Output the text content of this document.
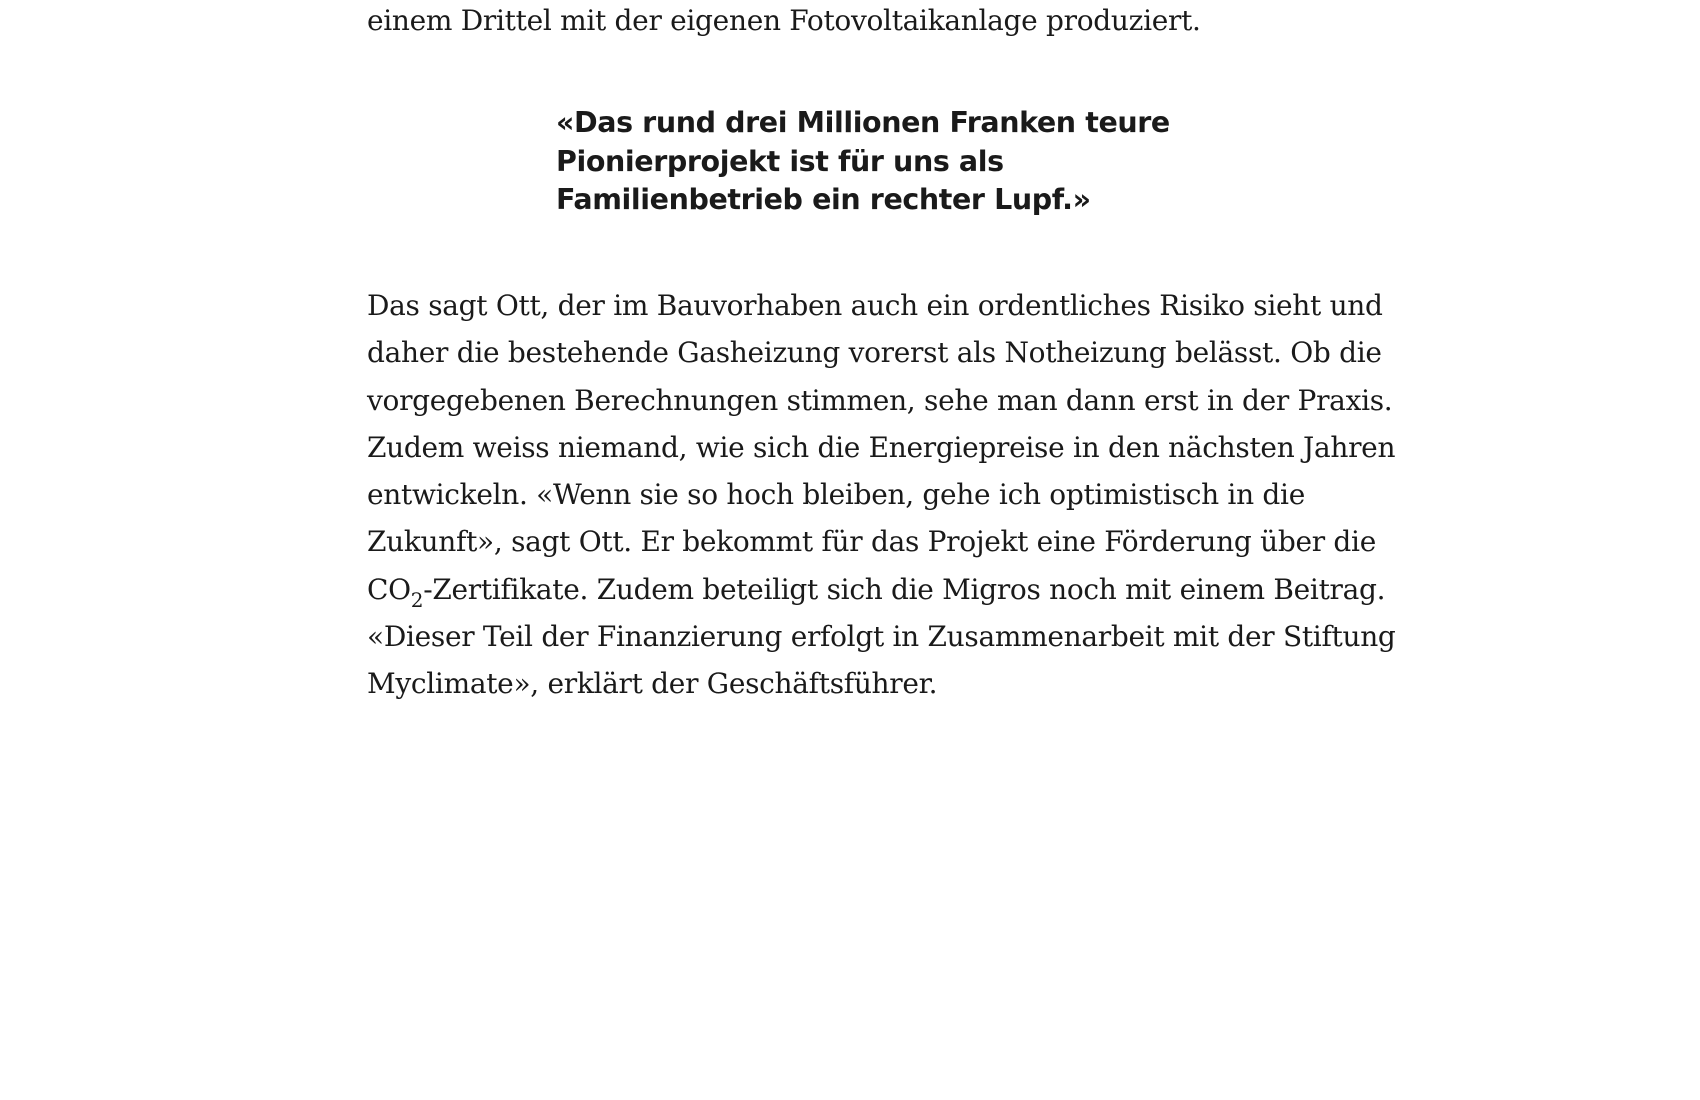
einem Drittel mit der eigenen Fotovoltaikanlage produziert.

«Das rund drei Millionen Franken teure
Pionierprojekt ist für uns als
Familienbetrieb ein rechter Lupf.»

Das sagt Ott, der im Bauvorhaben auch ein ordentliches Risiko sieht und
daher die bestehende Gasheizung vorerst als Notheizung belässt. Ob die
vorgegebenen Berechnungen stimmen, sehe man dann erst in der Praxis.
Zudem weiss niemand, wie sich die Energiepreise in den nächsten Jahren
entwickeln. «Wenn sie so hoch bleiben, gehe ich optimistisch in die
Zukunft», sagt Ott. Er bekommt für das Projekt eine Förderung über die
$CO_2$-Zertifikate. Zudem beteiligt sich die Migros noch mit einem Beitrag.
«Dieser Teil der Finanzierung erfolgt in Zusammenarbeit mit der Stiftung
Myclimate», erklärt der Geschäftsführer.
